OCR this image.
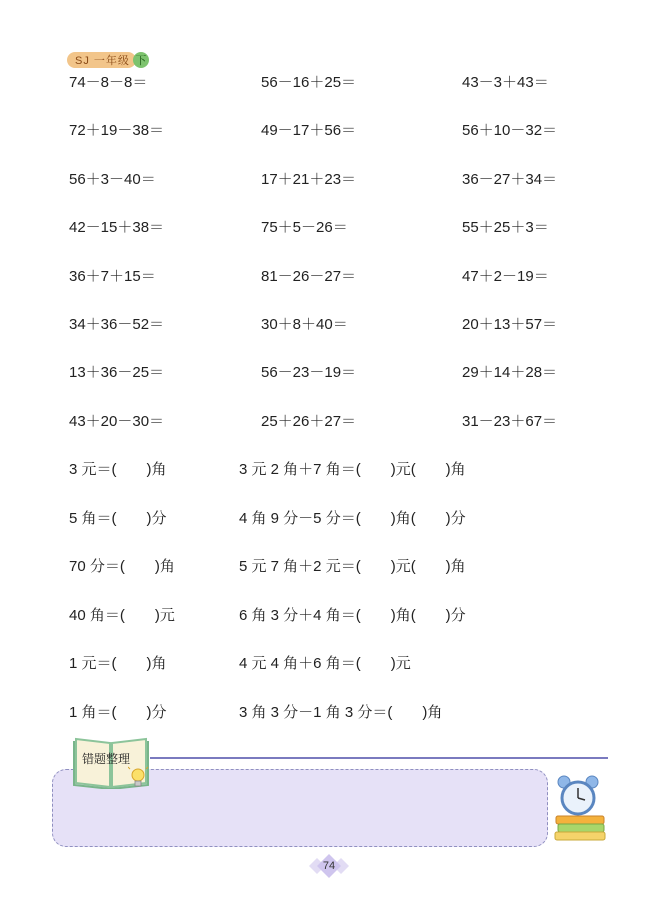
SJ 一年级 下
74－8－8＝	56－16＋25＝	43－3＋43＝
72＋19－38＝	49－17＋56＝	56＋10－32＝
56＋3－40＝	17＋21＋23＝	36－27＋34＝
42－15＋38＝	75＋5－26＝	55＋25＋3＝
36＋7＋15＝	81－26－27＝	47＋2－19＝
34＋36－52＝	30＋8＋40＝	20＋13＋57＝
13＋36－25＝	56－23－19＝	29＋14＋28＝
43＋20－30＝	25＋26＋27＝	31－23＋67＝
3 元＝(　　)角	3 元 2 角＋7 角＝(　　)元(　　)角
5 角＝(　　)分	4 角 9 分－5 分＝(　　)角(　　)分
70 分＝(　　)角	5 元 7 角＋2 元＝(　　)元(　　)角
40 角＝(　　)元	6 角 3 分＋4 角＝(　　)角(　　)分
1 元＝(　　)角	4 元 4 角＋6 角＝(　　)元
1 角＝(　　)分	3 角 3 分－1 角 3 分＝(　　)角
错题整理
74
